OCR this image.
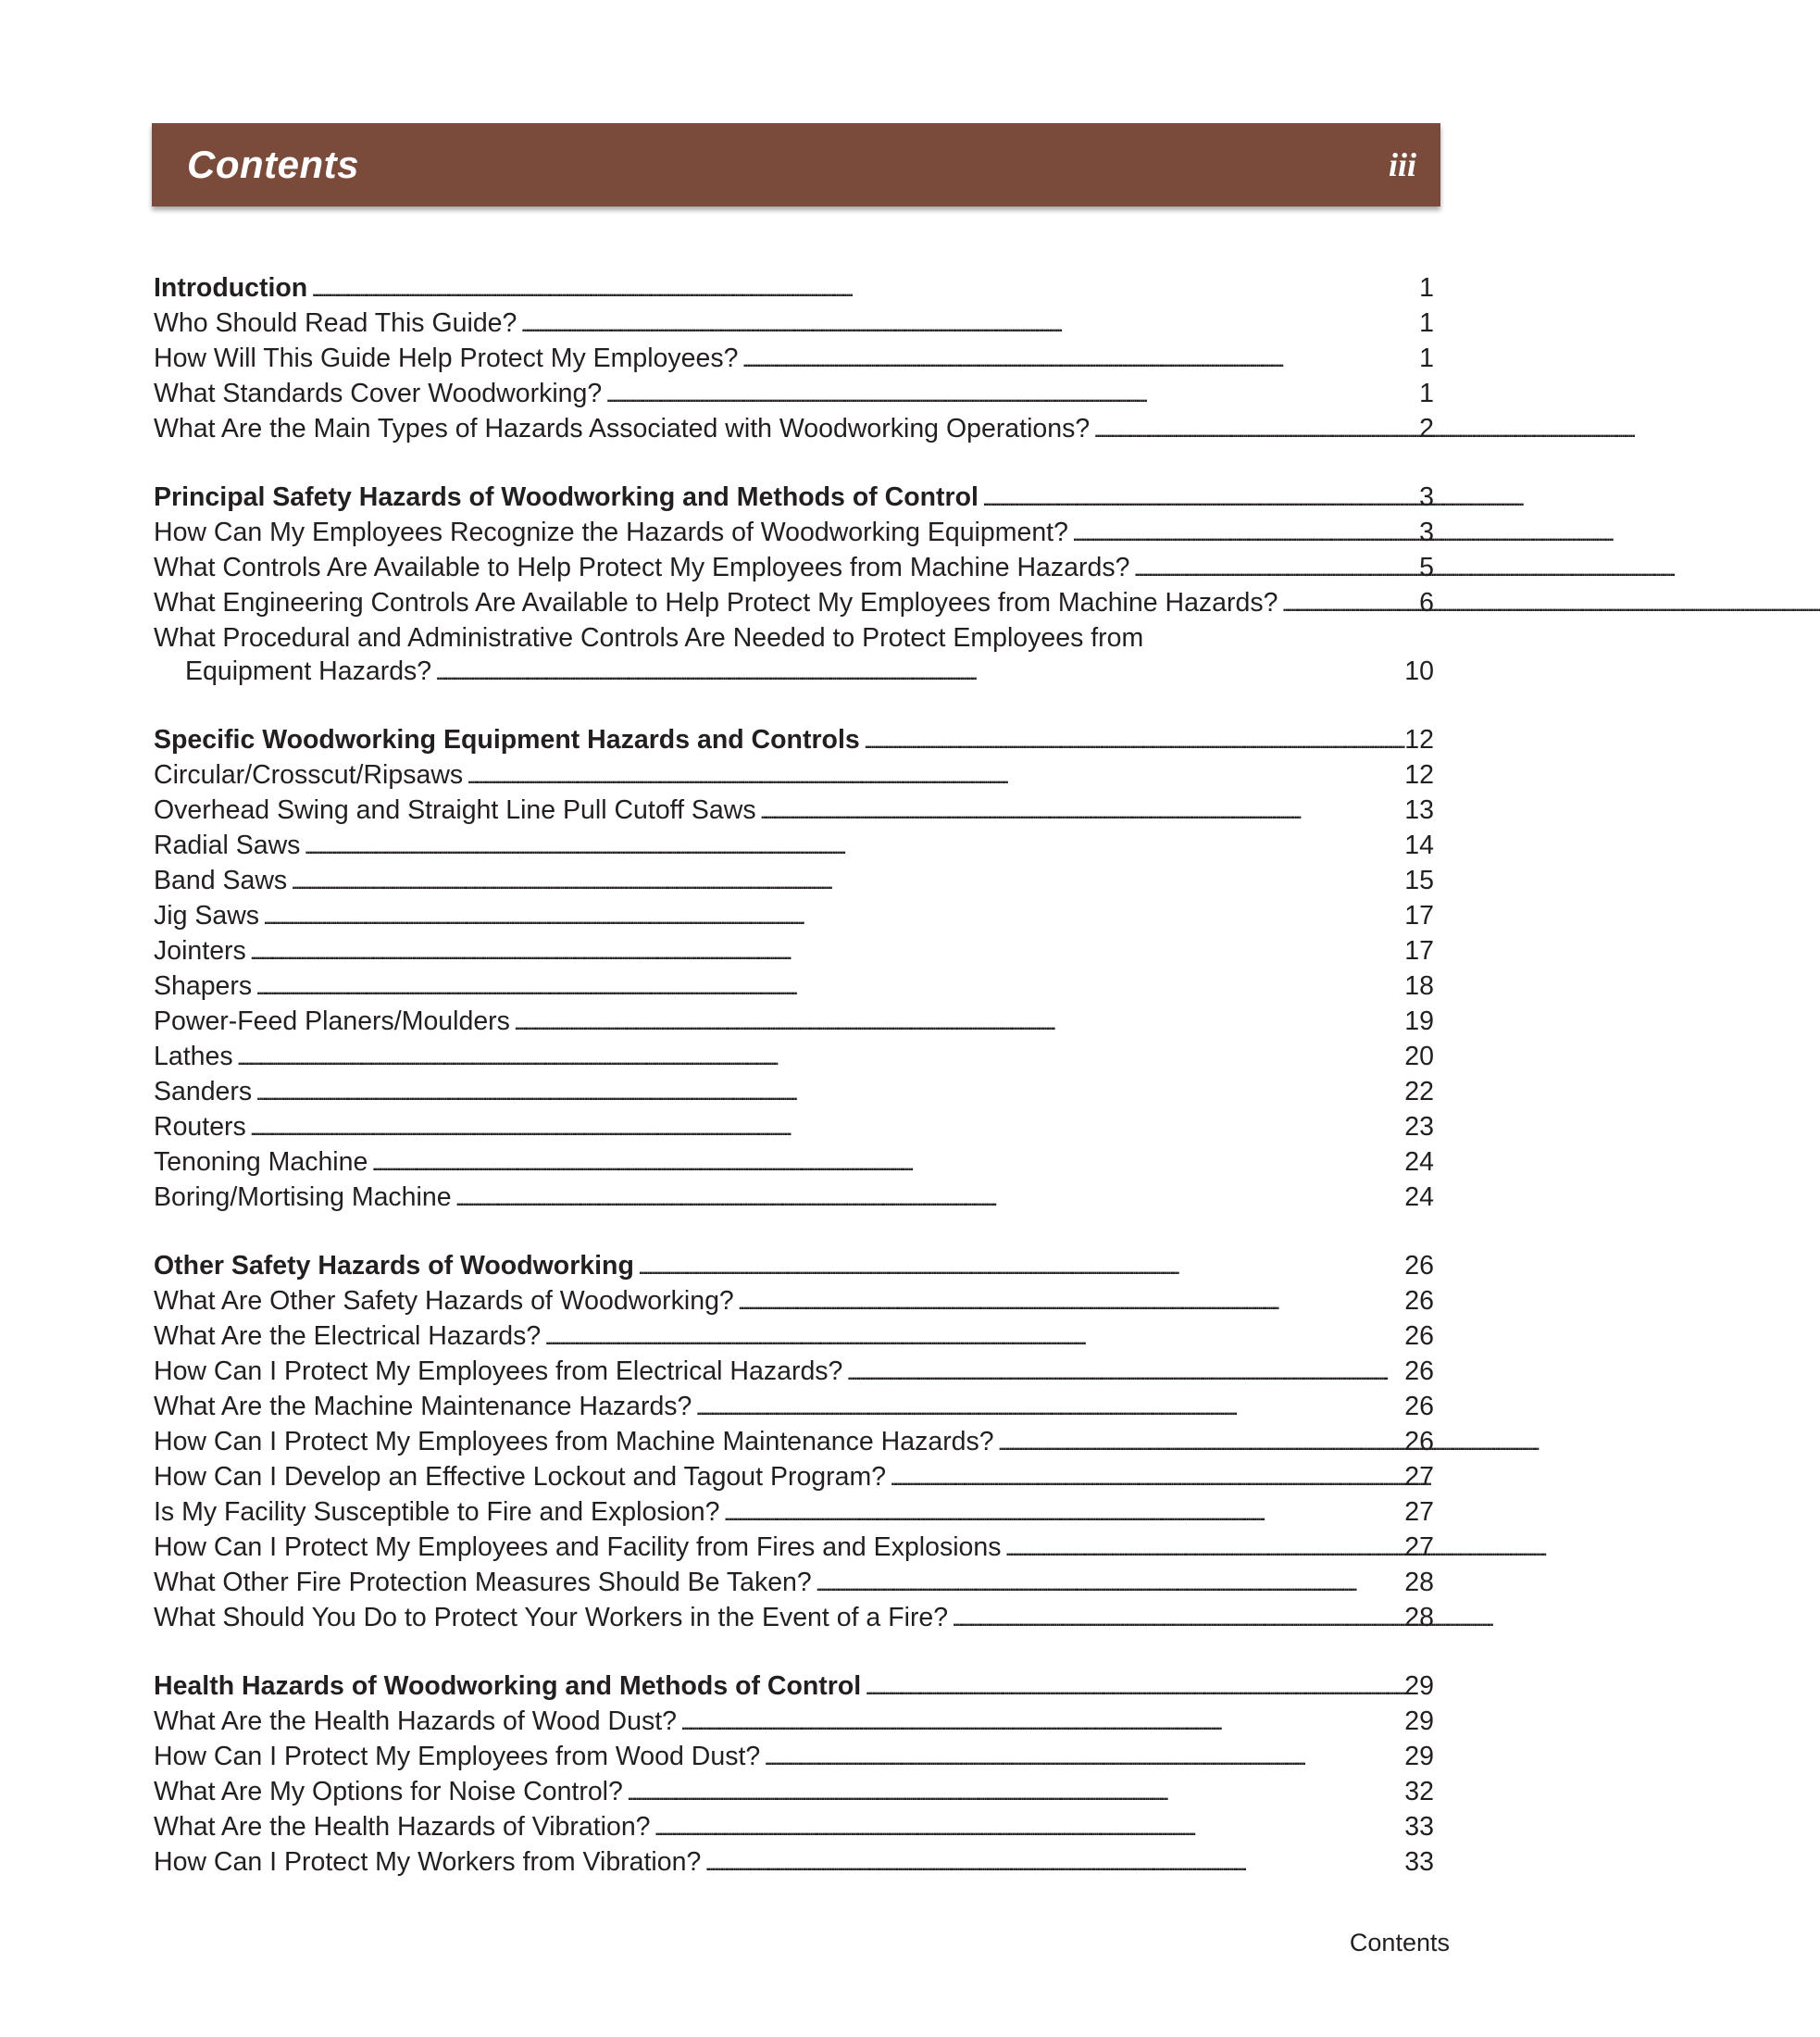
Contents	iii
Introduction . . .	1
Who Should Read This Guide? . . .	1
How Will This Guide Help Protect My Employees? . . .	1
What Standards Cover Woodworking? . . .	1
What Are the Main Types of Hazards Associated with Woodworking Operations? . . .	2
Principal Safety Hazards of Woodworking and Methods of Control . . .	3
How Can My Employees Recognize the Hazards of Woodworking Equipment? . . .	3
What Controls Are Available to Help Protect My Employees from Machine Hazards? . . .	5
What Engineering Controls Are Available to Help Protect My Employees from Machine Hazards? . . .	6
What Procedural and Administrative Controls Are Needed to Protect Employees from
Equipment Hazards? . . .	10
Specific Woodworking Equipment Hazards and Controls . . .	12
Circular/Crosscut/Ripsaws . . .	12
Overhead Swing and Straight Line Pull Cutoff Saws . . .	13
Radial Saws . . .	14
Band Saws . . .	15
Jig Saws . . .	17
Jointers . . .	17
Shapers . . .	18
Power-Feed Planers/Moulders . . .	19
Lathes . . .	20
Sanders . . .	22
Routers . . .	23
Tenoning Machine . . .	24
Boring/Mortising Machine . . .	24
Other Safety Hazards of Woodworking . . .	26
What Are Other Safety Hazards of Woodworking? . . .	26
What Are the Electrical Hazards? . . .	26
How Can I Protect My Employees from Electrical Hazards? . . .	26
What Are the Machine Maintenance Hazards? . . .	26
How Can I Protect My Employees from Machine Maintenance Hazards? . . .	26
How Can I Develop an Effective Lockout and Tagout Program? . . .	27
Is My Facility Susceptible to Fire and Explosion? . . .	27
How Can I Protect My Employees and Facility from Fires and Explosions . . .	27
What Other Fire Protection Measures Should Be Taken? . . .	28
What Should You Do to Protect Your Workers in the Event of a Fire? . . .	28
Health Hazards of Woodworking and Methods of Control . . .	29
What Are the Health Hazards of Wood Dust? . . .	29
How Can I Protect My Employees from Wood Dust? . . .	29
What Are My Options for Noise Control? . . .	32
What Are the Health Hazards of Vibration? . . .	33
How Can I Protect My Workers from Vibration? . . .	33
Contents
